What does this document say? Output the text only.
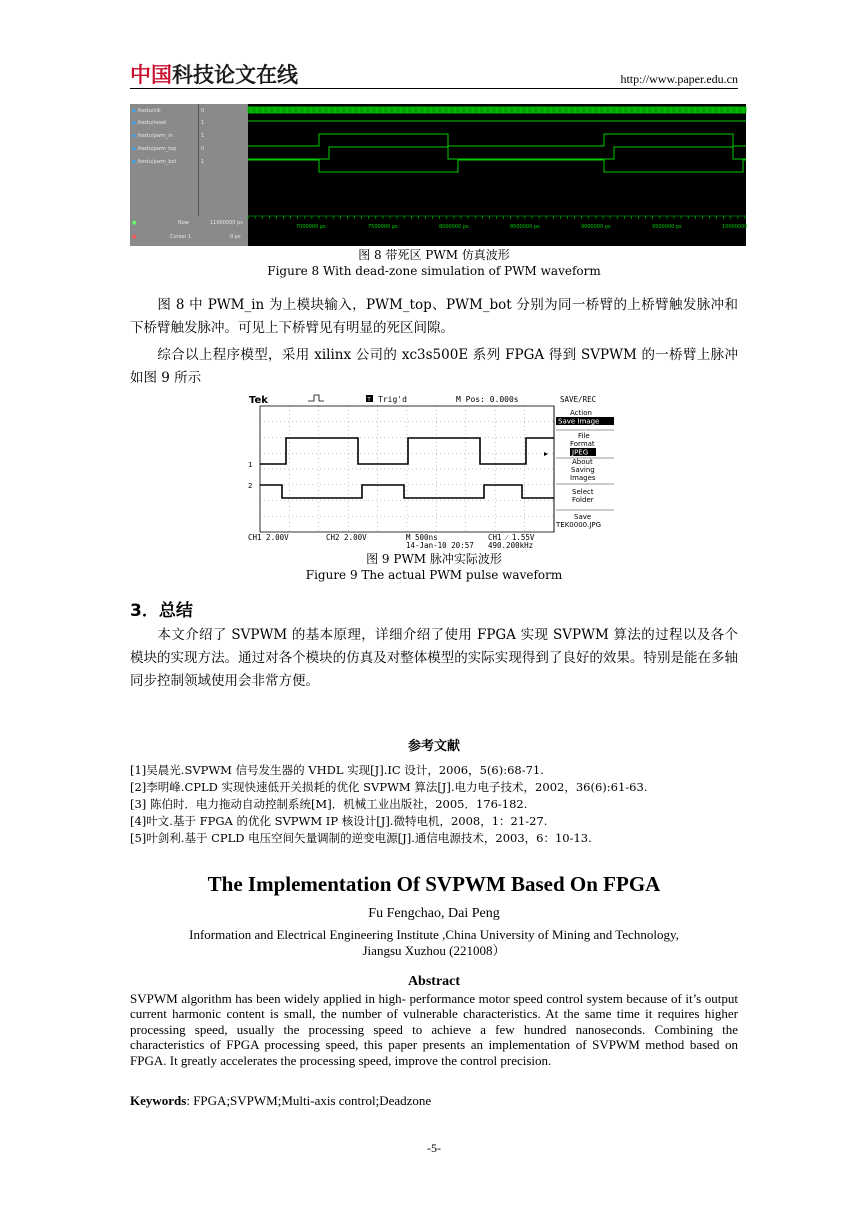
中国科技论文在线	http://www.paper.edu.cn
◆ /testu/clk
◆ /testu/reset
◆ /testu/pwm_in
◆ /testu/pwm_top
◆ /testu/pwm_bot
0
1
1
0
1
●	Now	11000000 ps
●	Cursor 1	0 ps
7000000 ps	7500000 ps	8000000 ps	8500000 ps	9000000 ps	9500000 ps	10000000
图 8 带死区 PWM 仿真波形
Figure 8 With dead-zone simulation of PWM waveform
图 8 中 PWM_in 为上模块输入，PWM_top、PWM_bot 分别为同一桥臂的上桥臂触发脉冲和下桥臂触发脉冲。可见上下桥臂见有明显的死区间隙。
综合以上程序模型，采用 xilinx 公司的 xc3s500E 系列 FPGA 得到 SVPWM 的一桥臂上脉冲如图 9 所示
Tek	T Trig'd	M Pos: 0.000s
1
2
SAVE/REC
Action
Save Image
File
Format
JPEG
About
Saving
Images
Select
Folder
Save
TEK0000.JPG
CH1 2.00V	CH2 2.00V	M 500ns
14-Jan-10 20:57
CH1 ⁄ 1.55V
490.200kHz
图 9 PWM 脉冲实际波形
Figure 9 The actual PWM pulse waveform
3．总结
本文介绍了 SVPWM 的基本原理，详细介绍了使用 FPGA 实现 SVPWM 算法的过程以及各个模块的实现方法。通过对各个模块的仿真及对整体模型的实际实现得到了良好的效果。特别是能在多轴同步控制领域使用会非常方便。
参考文献
[1]吴晨光.SVPWM 信号发生器的 VHDL 实现[J].IC 设计，2006，5(6):68-71.
[2]李明峰.CPLD 实现快速低开关损耗的优化 SVPWM 算法[J].电力电子技术，2002，36(6):61-63.
[3] 陈伯时．电力拖动自动控制系统[M]．机械工业出版社，2005．176-182.
[4]叶文.基于 FPGA 的优化 SVPWM IP 核设计[J].微特电机，2008，1：21-27.
[5]叶剑利.基于 CPLD 电压空间矢量调制的逆变电源[J].通信电源技术，2003，6：10-13.
The Implementation Of SVPWM Based On FPGA
Fu Fengchao, Dai Peng
Information and Electrical Engineering Institute ,China University of Mining and Technology,
Jiangsu Xuzhou (221008）
Abstract
SVPWM algorithm has been widely applied in high- performance motor speed control system because of it’s output current harmonic content is small, the number of vulnerable characteristics. At the same time it requires higher processing speed, usually the processing speed to achieve a few hundred nanoseconds. Combining the characteristics of FPGA processing speed, this paper presents an implementation of SVPWM method based on FPGA. It greatly accelerates the processing speed, improve the control precision.
Keywords: FPGA;SVPWM;Multi-axis control;Deadzone
-5-
